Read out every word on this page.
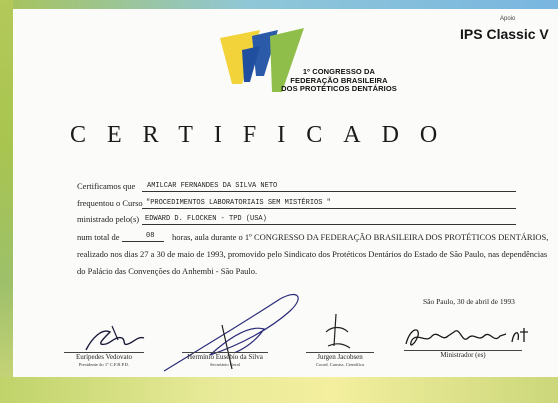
Apoio
IPS Classic V
1º CONGRESSO DA
FEDERAÇÃO BRASILEIRA
DOS PROTÉTICOS DENTÁRIOS
CERTIFICADO
Certificamos que AMILCAR FERNANDES DA SILVA NETO
frequentou o Curso "PROCEDIMENTOS LABORATORIAIS SEM MISTÉRIOS "
ministrado pelo(s) EDWARD D. FLOCKEN - TPD (USA)
num total de	08 horas, aula durante o 1º CONGRESSO DA FEDERAÇÃO BRASILEIRA DOS PROTÉTICOS DENTÁRIOS,
realizado nos dias 27 a 30 de maio de 1993, promovido pelo Sindicato dos Protéticos Dentários do Estado de São Paulo, nas dependências
do Palácio das Convenções do Anhembi - São Paulo.
São Paulo, 30 de abril de 1993
Eurípedes Vedovato
Presidente do 1º C.F.B.P.D.
Hermínio Eusébio da Silva
Secretário Geral
Jurgen Jacobsen
Coord. Comiss. Científica
Ministrador (es)
